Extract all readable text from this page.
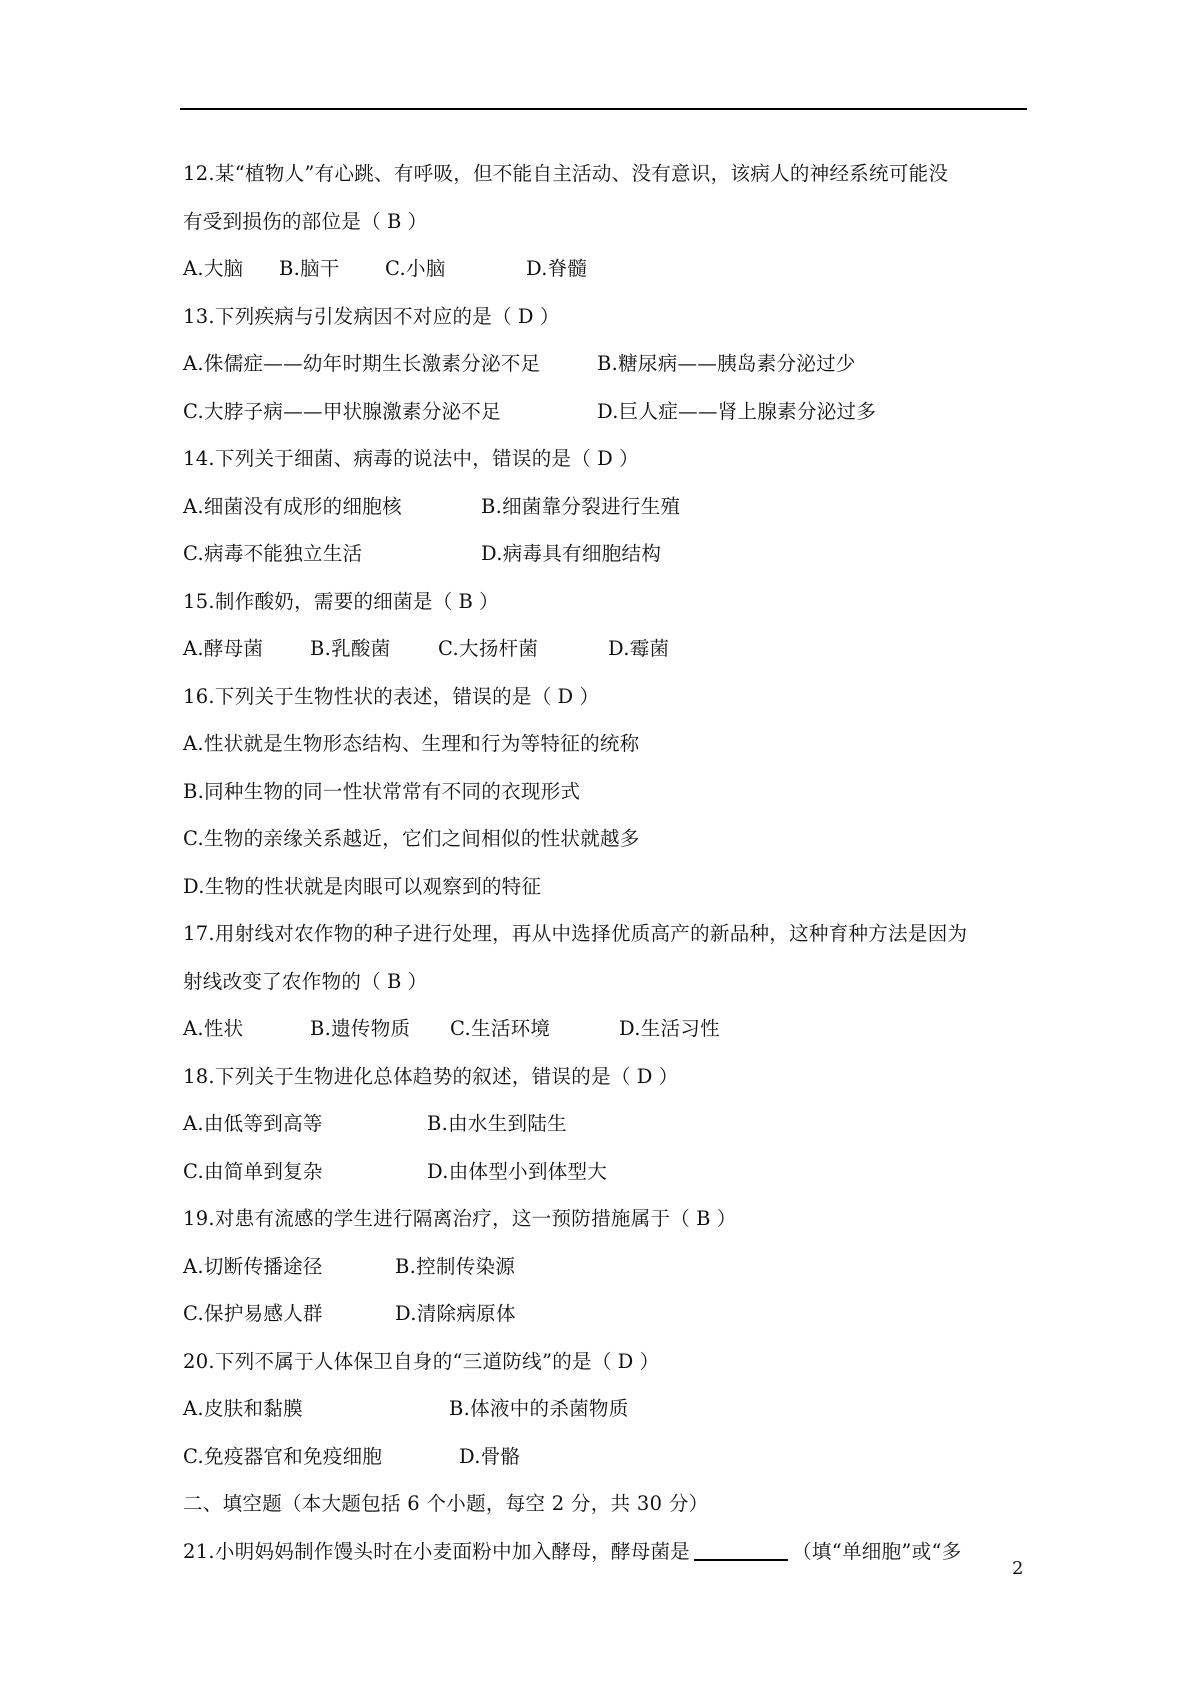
12.某“植物人”有心跳、有呼吸，但不能自主活动、没有意识，该病人的神经系统可能没
有受到损伤的部位是（ B ）
A.大脑 B.脑干 C.小脑	D.脊髓
13.下列疾病与引发病因不对应的是（ D ）
A.侏儒症——幼年时期生长激素分泌不足	B.糖尿病——胰岛素分泌过少
C.大脖子病——甲状腺激素分泌不足	D.巨人症——肾上腺素分泌过多
14.下列关于细菌、病毒的说法中，错误的是（ D ）
A.细菌没有成形的细胞核	B.细菌靠分裂进行生殖
C.病毒不能独立生活	D.病毒具有细胞结构
15.制作酸奶，需要的细菌是（ B ）
A.酵母菌 B.乳酸菌 C.大扬杆菌	D.霉菌
16.下列关于生物性状的表述，错误的是（ D ）
A.性状就是生物形态结构、生理和行为等特征的统称
B.同种生物的同一性状常常有不同的衣现形式
C.生物的亲缘关系越近，它们之间相似的性状就越多
D.生物的性状就是肉眼可以观察到的特征
17.用射线对农作物的种子进行处理，再从中选择优质高产的新品种，这种育种方法是因为
射线改变了农作物的（ B ）
A.性状	B.遗传物质 C.生活环境	D.生活习性
18.下列关于生物进化总体趋势的叙述，错误的是（ D ）
A.由低等到高等	B.由水生到陆生
C.由简单到复杂	D.由体型小到体型大
19.对患有流感的学生进行隔离治疗，这一预防措施属于（ B ）
A.切断传播途径	B.控制传染源
C.保护易感人群	D.清除病原体
20.下列不属于人体保卫自身的“三道防线”的是（ D ）
A.皮肤和黏膜	B.体液中的杀菌物质
C.免疫器官和免疫细胞	D.骨骼
二、填空题（本大题包括 6 个小题，每空 2 分，共 30 分）
21.小明妈妈制作馒头时在小麦面粉中加入酵母，酵母菌是	（填“单细胞”或“多
2
